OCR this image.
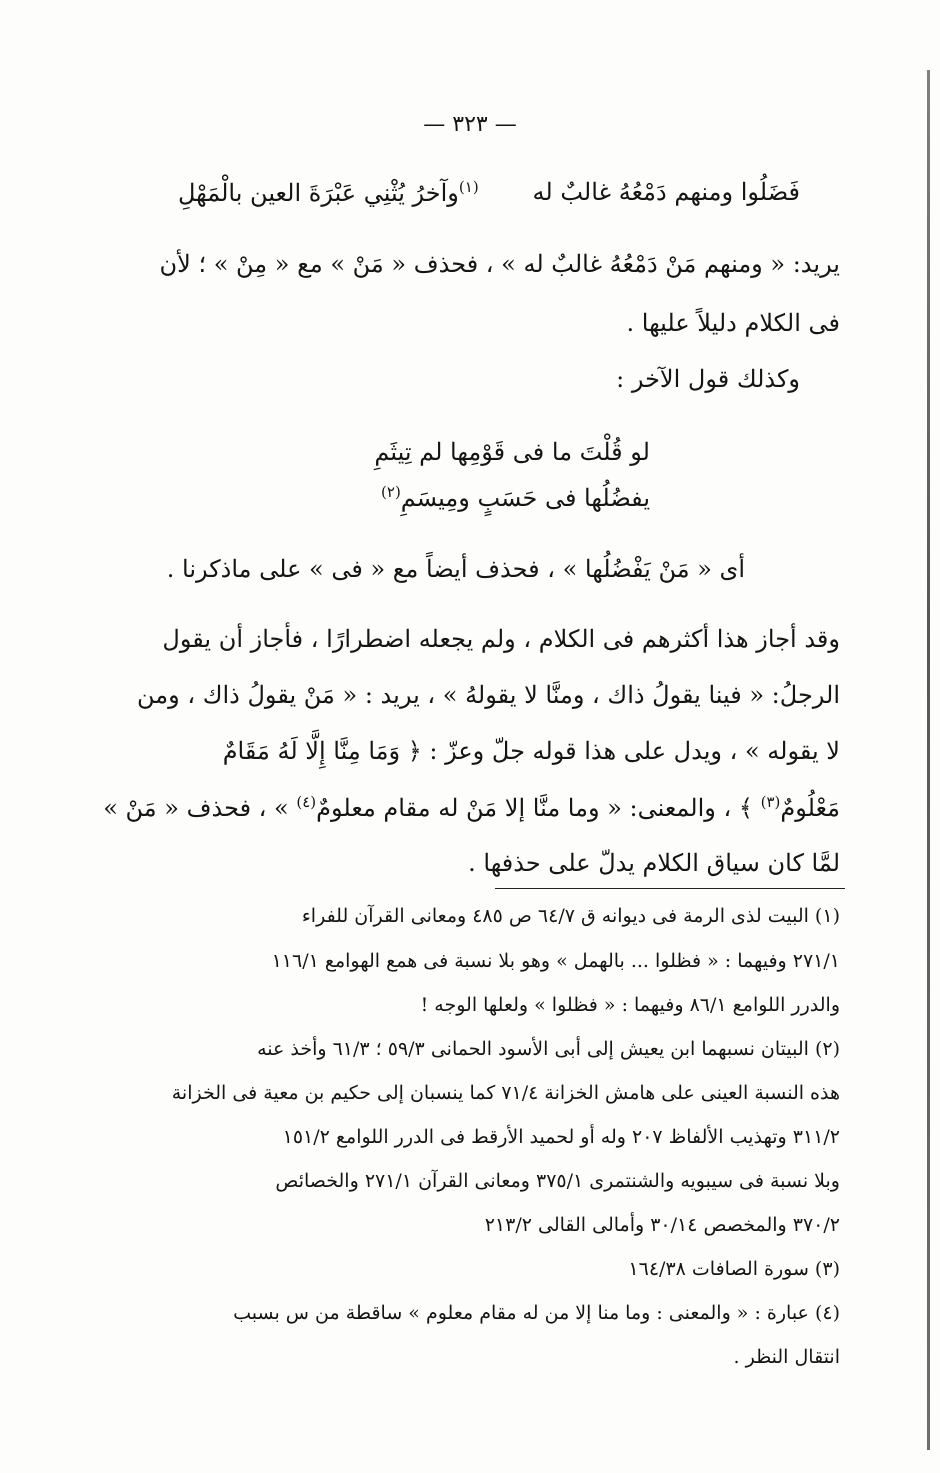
— ٣٢٣ —
$^{(١)}$وآخرُ يُثْنِي عَبْرَةَ العين بالْمَهْلِ	فَضَلُوا ومنهم دَمْعُهُ غالبٌ له
يريد: « ومنهم مَنْ دَمْعُهُ غالبٌ له » ، فحذف « مَنْ » مع « مِنْ » ؛ لأن
فى الكلام دليلاً عليها .
وكذلك قول الآخر :
لو قُلْتَ ما فى قَوْمِها لم تِيثَمِ
يفضُلُها فى حَسَبٍ ومِيسَمِ$^{(٢)}$
أى « مَنْ يَفْضُلُها » ، فحذف أيضاً مع « فى » على ماذكرنا .
وقد أجاز هذا أكثرهم فى الكلام ، ولم يجعله اضطرارًا ، فأجاز أن يقول
الرجلُ: « فينا يقولُ ذاك ، ومنَّا لا يقولهُ » ، يريد : « مَنْ يقولُ ذاك ، ومن
لا يقوله » ، ويدل على هذا قوله جلّ وعزّ : ﴿ وَمَا مِنَّا إِلَّا لَهُ مَقَامٌ
مَعْلُومٌ$^{(٣)}$ ﴾ ، والمعنى: « وما منَّا إلا مَنْ له مقام معلومٌ$^{(٤)}$ » ، فحذف « مَنْ »
لمَّا كان سياق الكلام يدلّ على حذفها .
(١) البيت لذى الرمة فى ديوانه ق ٦٤/٧ ص ٤٨٥ ومعانى القرآن للفراء
٢٧١/١ وفيهما : « فظلوا ... بالهمل » وهو بلا نسبة فى همع الهوامع ١١٦/١
والدرر اللوامع ٨٦/١ وفيهما : « فظلوا » ولعلها الوجه !
(٢) البيتان نسبهما ابن يعيش إلى أبى الأسود الحمانى ٥٩/٣ ؛ ٦١/٣ وأخذ عنه
هذه النسبة العينى على هامش الخزانة ٧١/٤ كما ينسبان إلى حكيم بن معية فى الخزانة
٣١١/٢ وتهذيب الألفاظ ٢٠٧ وله أو لحميد الأرقط فى الدرر اللوامع ١٥١/٢
وبلا نسبة فى سيبويه والشنتمرى ٣٧٥/١ ومعانى القرآن ٢٧١/١ والخصائص
٣٧٠/٢ والمخصص ٣٠/١٤ وأمالى القالى ٢١٣/٢
(٣) سورة الصافات ١٦٤/٣٨
(٤) عبارة : « والمعنى : وما منا إلا من له مقام معلوم » ساقطة من س بسبب
انتقال النظر .
